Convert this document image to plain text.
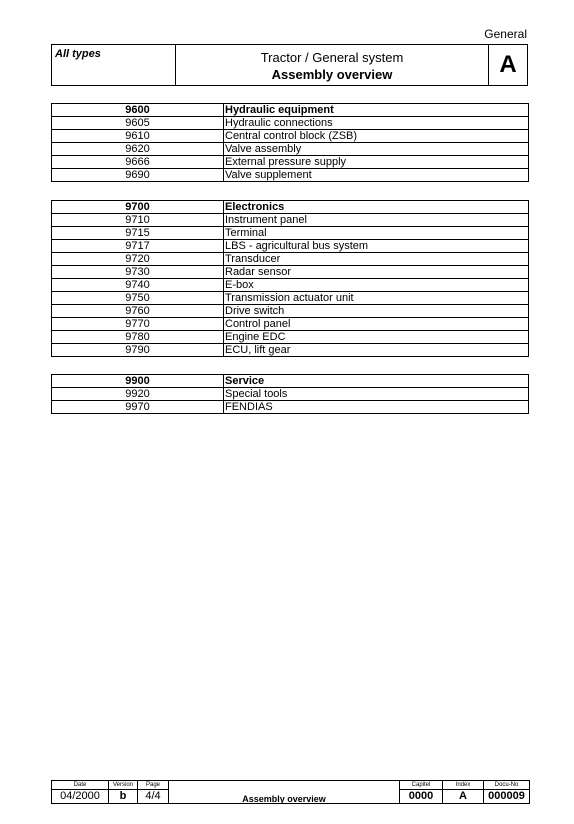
General
All types	Tractor / General system
Assembly overview	A
9600	Hydraulic equipment
9605	Hydraulic connections
9610	Central control block (ZSB)
9620	Valve assembly
9666	External pressure supply
9690	Valve supplement
9700	Electronics
9710	Instrument panel
9715	Terminal
9717	LBS - agricultural bus system
9720	Transducer
9730	Radar sensor
9740	E-box
9750	Transmission actuator unit
9760	Drive switch
9770	Control panel
9780	Engine EDC
9790	ECU, lift gear
9900	Service
9920	Special tools
9970	FENDIAS
Date	Version	Page	Assembly overview	Capitel	Index	Docu-No
04/2000	b	4/4		0000	A	000009
